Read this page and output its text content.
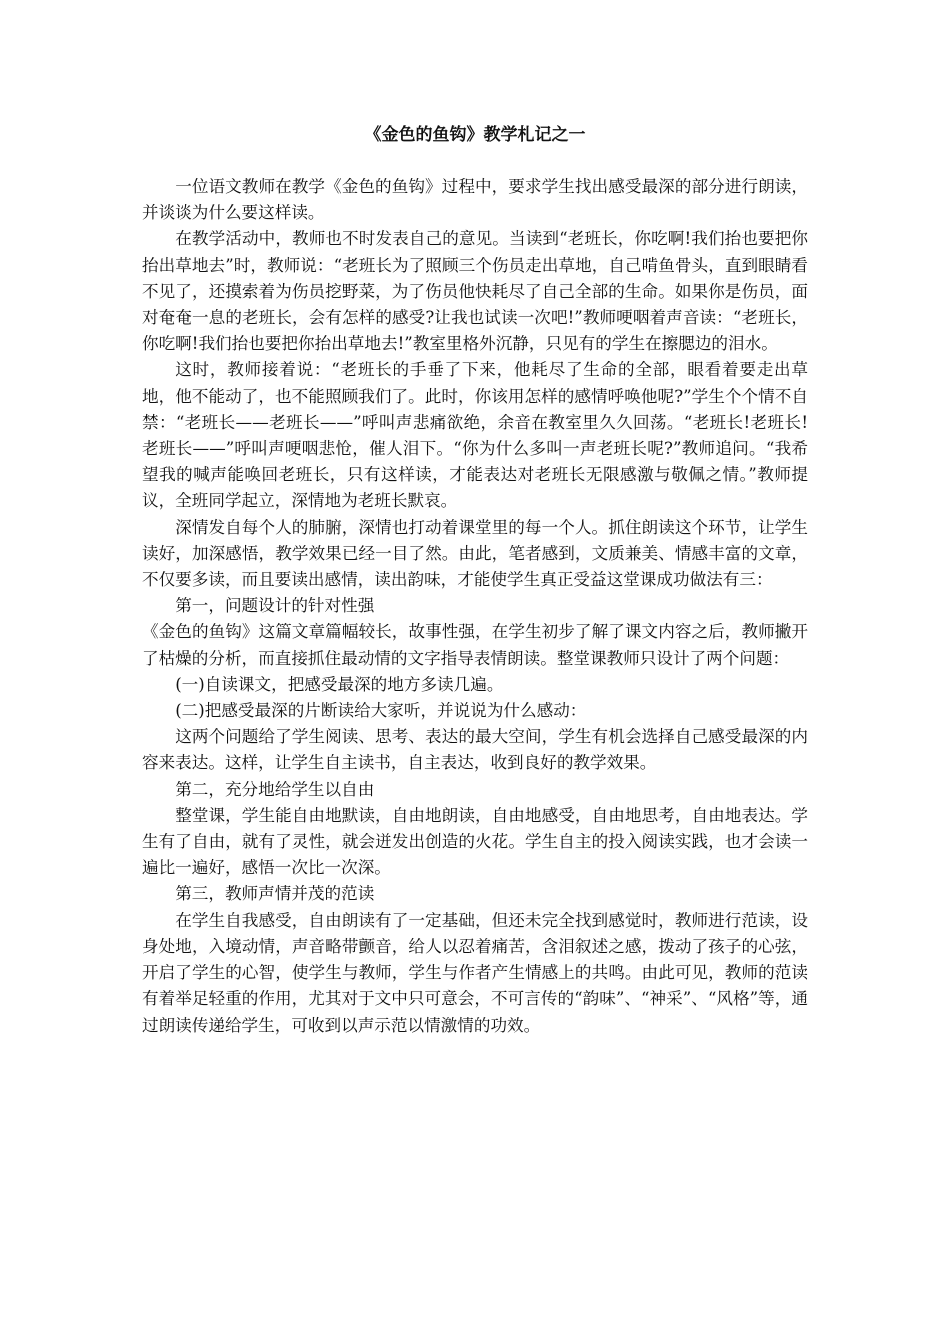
《金色的鱼钩》教学札记之一

一位语文教师在教学《金色的鱼钩》过程中，要求学生找出感受最深的部分进行朗读，并谈谈为什么要这样读。

在教学活动中，教师也不时发表自己的意见。当读到“老班长，你吃啊!我们抬也要把你抬出草地去”时，教师说：“老班长为了照顾三个伤员走出草地，自己啃鱼骨头，直到眼睛看不见了，还摸索着为伤员挖野菜，为了伤员他快耗尽了自己全部的生命。如果你是伤员，面对奄奄一息的老班长，会有怎样的感受?让我也试读一次吧!”教师哽咽着声音读：“老班长，你吃啊!我们抬也要把你抬出草地去!”教室里格外沉静，只见有的学生在擦腮边的泪水。

这时，教师接着说：“老班长的手垂了下来，他耗尽了生命的全部，眼看着要走出草地，他不能动了，也不能照顾我们了。此时，你该用怎样的感情呼唤他呢?”学生个个情不自禁：“老班长——老班长——”呼叫声悲痛欲绝，余音在教室里久久回荡。“老班长!老班长!老班长——”呼叫声哽咽悲怆，催人泪下。“你为什么多叫一声老班长呢?”教师追问。“我希望我的喊声能唤回老班长，只有这样读，才能表达对老班长无限感激与敬佩之情。”教师提议，全班同学起立，深情地为老班长默哀。

深情发自每个人的肺腑，深情也打动着课堂里的每一个人。抓住朗读这个环节，让学生读好，加深感悟，教学效果已经一目了然。由此，笔者感到，文质兼美、情感丰富的文章，不仅要多读，而且要读出感情，读出韵味，才能使学生真正受益这堂课成功做法有三：

第一，问题设计的针对性强

《金色的鱼钩》这篇文章篇幅较长，故事性强，在学生初步了解了课文内容之后，教师撇开了枯燥的分析，而直接抓住最动情的文字指导表情朗读。整堂课教师只设计了两个问题：

(一)自读课文，把感受最深的地方多读几遍。

(二)把感受最深的片断读给大家听，并说说为什么感动：

这两个问题给了学生阅读、思考、表达的最大空间，学生有机会选择自己感受最深的内容来表达。这样，让学生自主读书，自主表达，收到良好的教学效果。

第二，充分地给学生以自由

整堂课，学生能自由地默读，自由地朗读，自由地感受，自由地思考，自由地表达。学生有了自由，就有了灵性，就会迸发出创造的火花。学生自主的投入阅读实践，也才会读一遍比一遍好，感悟一次比一次深。

第三，教师声情并茂的范读

在学生自我感受，自由朗读有了一定基础，但还未完全找到感觉时，教师进行范读，设身处地，入境动情，声音略带颤音，给人以忍着痛苦，含泪叙述之感，拨动了孩子的心弦，开启了学生的心智，使学生与教师，学生与作者产生情感上的共鸣。由此可见，教师的范读有着举足轻重的作用，尤其对于文中只可意会，不可言传的“韵味”、“神采”、“风格”等，通过朗读传递给学生，可收到以声示范以情激情的功效。
